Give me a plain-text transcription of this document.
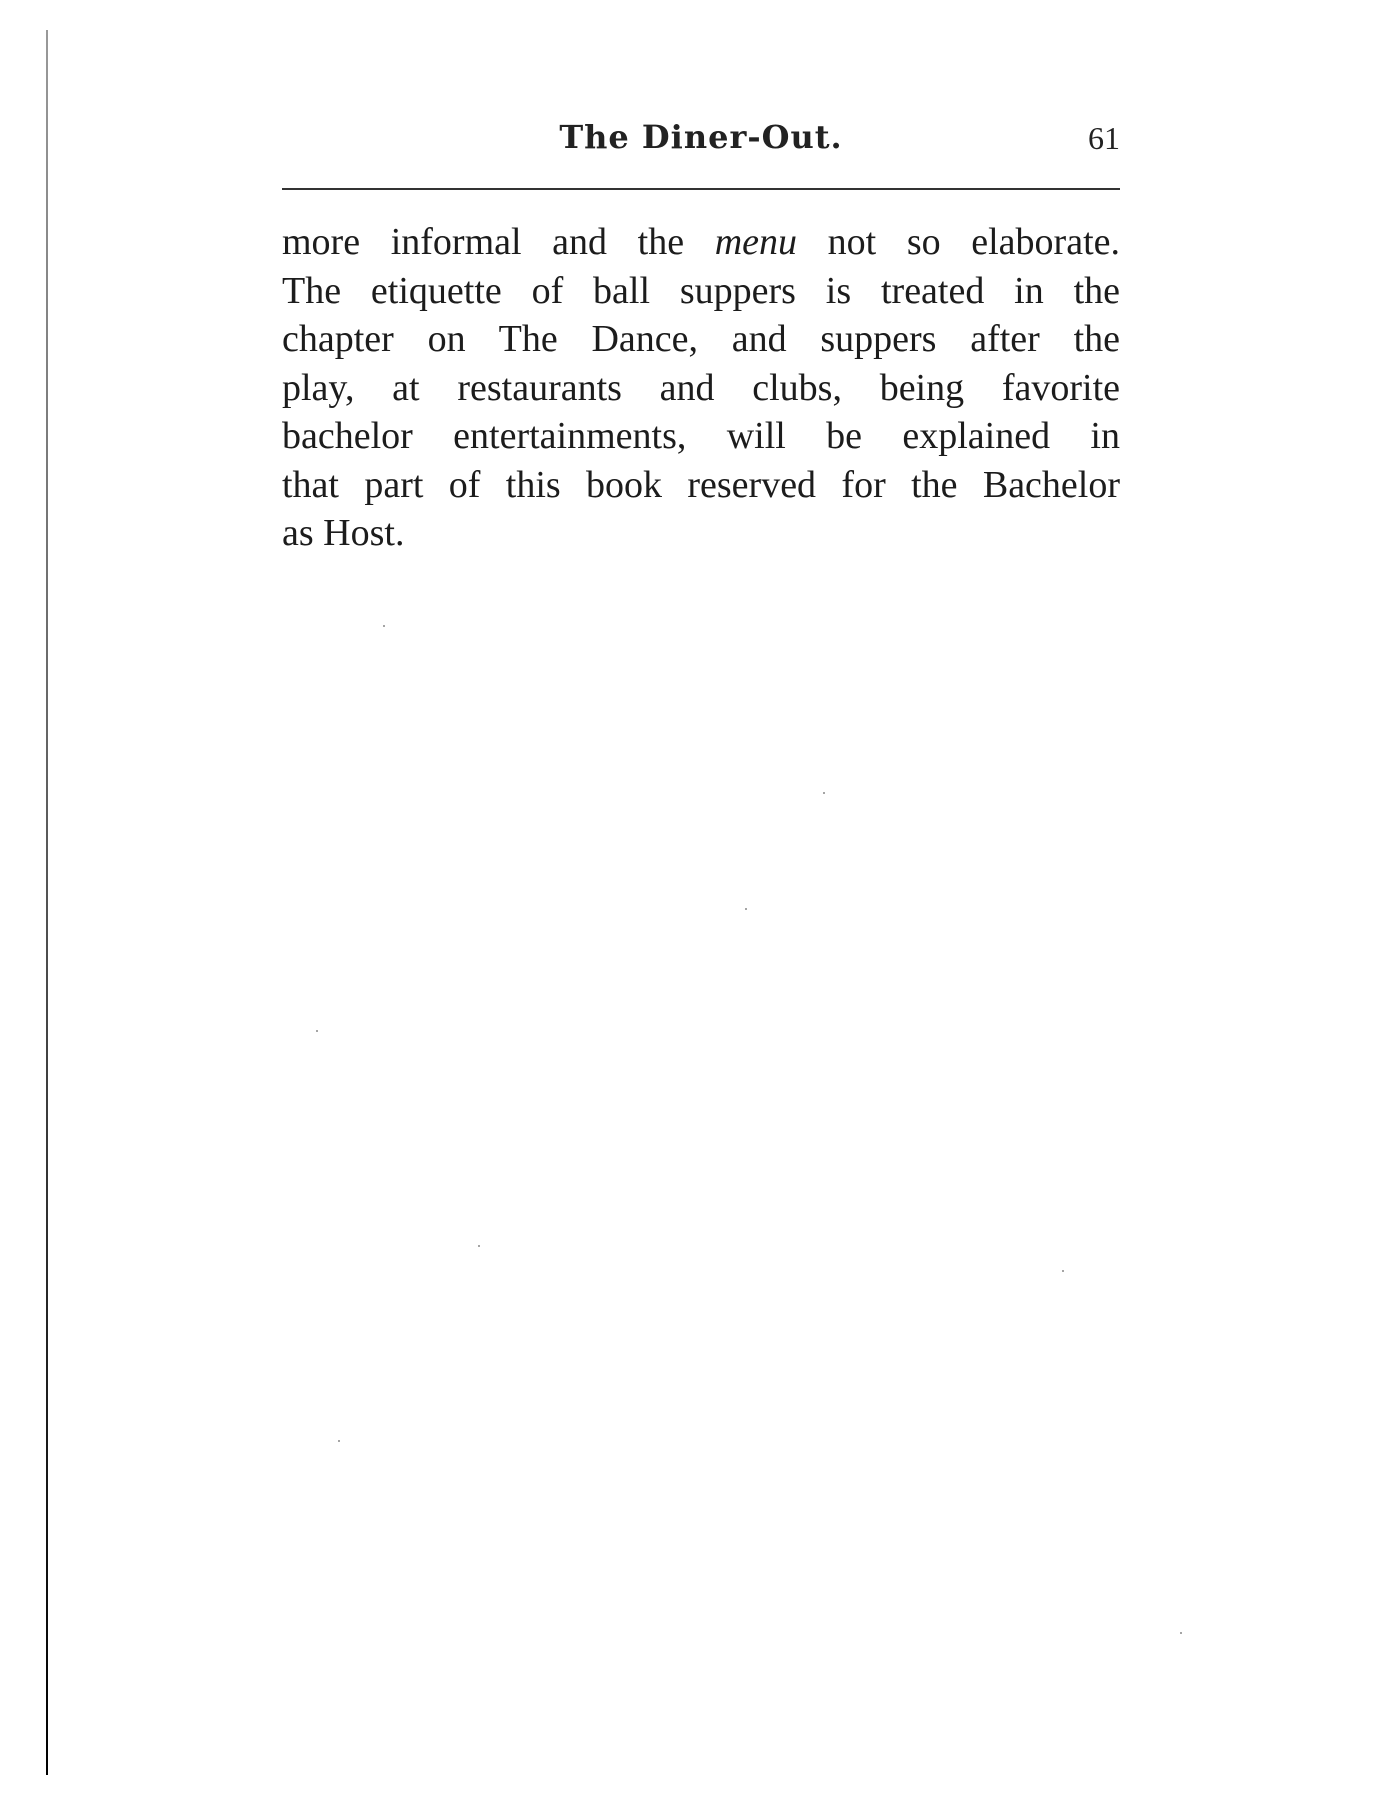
The Diner-Out.	61
more informal and the menu not so elaborate.
The etiquette of ball suppers is treated in the
chapter on The Dance, and suppers after the
play, at restaurants and clubs, being favorite
bachelor entertainments, will be explained in
that part of this book reserved for the Bachelor
as Host.
